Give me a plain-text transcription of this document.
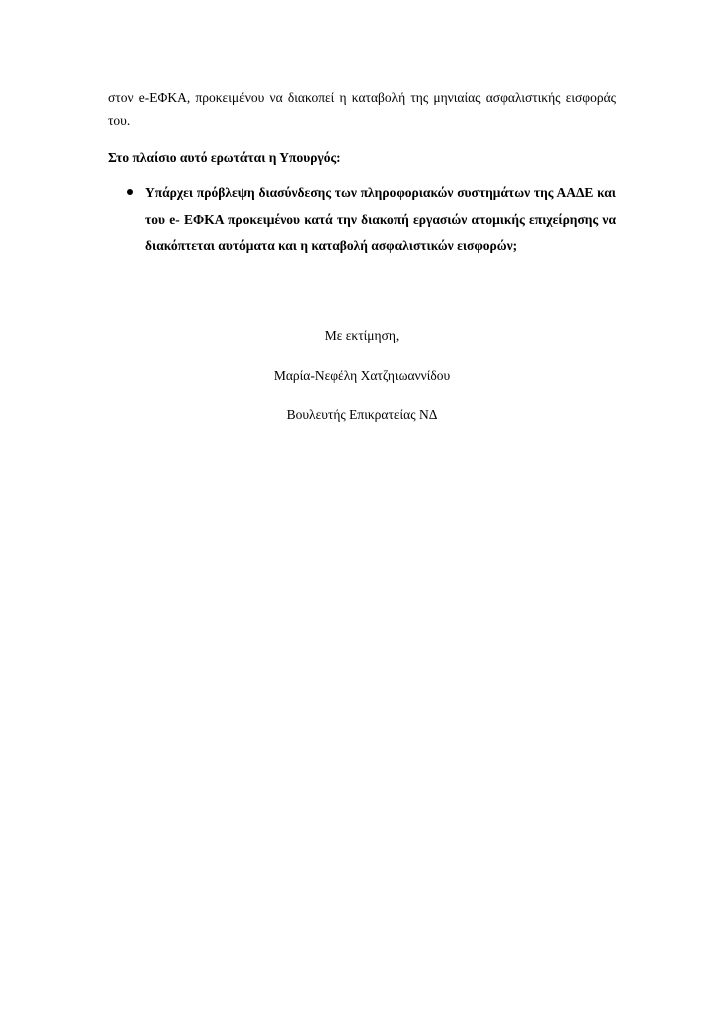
στον e-ΕΦΚΑ, προκειμένου να διακοπεί η καταβολή της μηνιαίας ασφαλιστικής εισφοράς του.

Στο πλαίσιο αυτό ερωτάται η Υπουργός:

Υπάρχει πρόβλεψη διασύνδεσης των πληροφοριακών συστημάτων της ΑΑΔΕ και του e- ΕΦΚΑ προκειμένου κατά την διακοπή εργασιών ατομικής επιχείρησης να διακόπτεται αυτόματα και η καταβολή ασφαλιστικών εισφορών;

Με εκτίμηση,

Μαρία-Νεφέλη Χατζηιωαννίδου

Βουλευτής Επικρατείας ΝΔ
